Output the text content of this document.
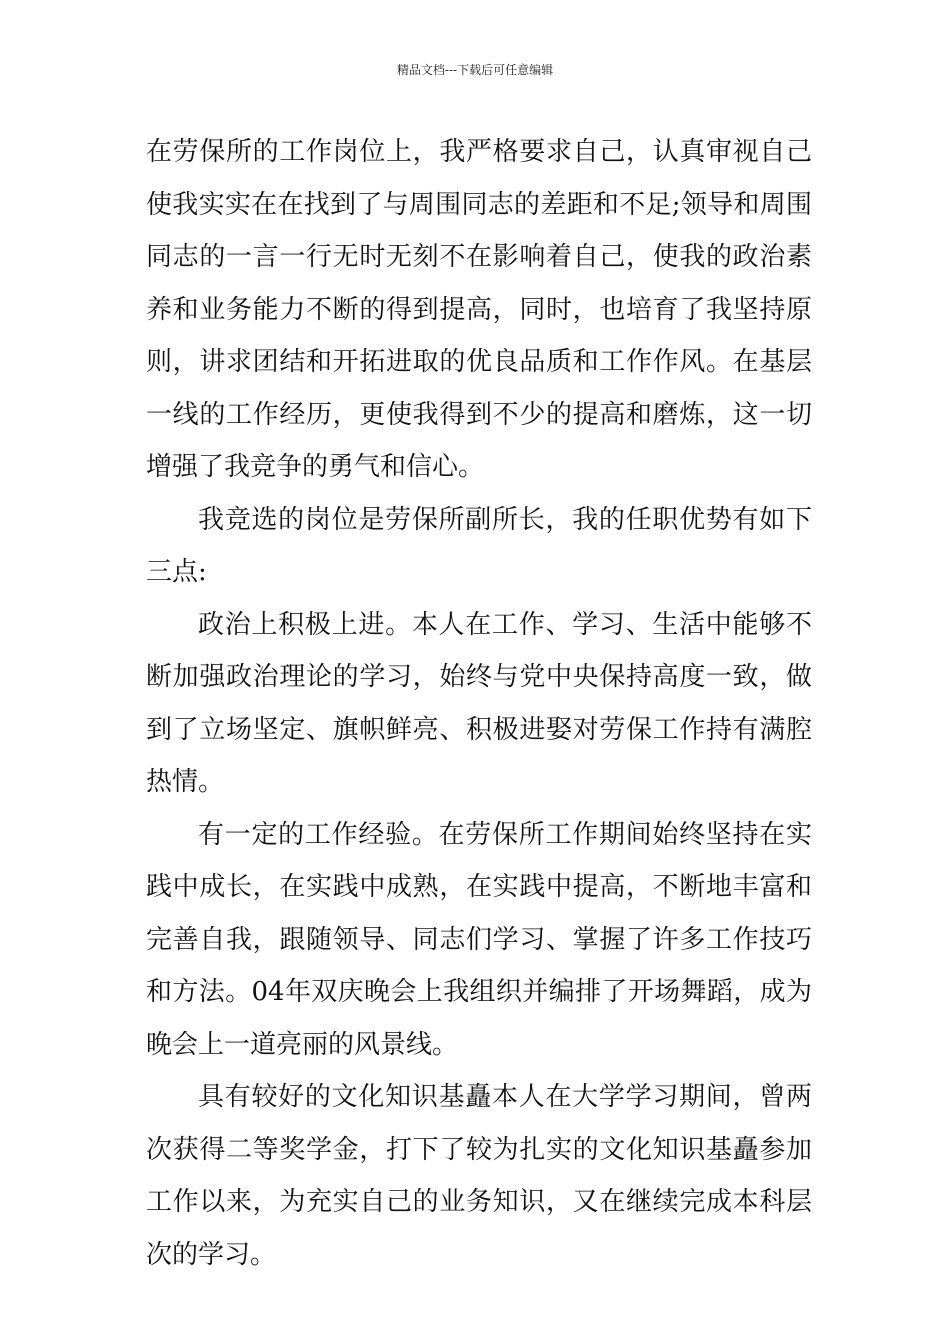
精品文档---下载后可任意编辑
在劳保所的工作岗位上，我严格要求自己，认真审视自己
使我实实在在找到了与周围同志的差距和不足;领导和周围
同志的一言一行无时无刻不在影响着自己，使我的政治素
养和业务能力不断的得到提高，同时，也培育了我坚持原
则，讲求团结和开拓进取的优良品质和工作作风。在基层
一线的工作经历，更使我得到不少的提高和磨炼，这一切
增强了我竞争的勇气和信心。
我竞选的岗位是劳保所副所长，我的任职优势有如下
三点:
政治上积极上进。本人在工作、学习、生活中能够不
断加强政治理论的学习，始终与党中央保持高度一致，做
到了立场坚定、旗帜鲜亮、积极进娶对劳保工作持有满腔
热情。
有一定的工作经验。在劳保所工作期间始终坚持在实
践中成长，在实践中成熟，在实践中提高，不断地丰富和
完善自我，跟随领导、同志们学习、掌握了许多工作技巧
和方法。04年双庆晚会上我组织并编排了开场舞蹈，成为
晚会上一道亮丽的风景线。
具有较好的文化知识基矗本人在大学学习期间，曾两
次获得二等奖学金，打下了较为扎实的文化知识基矗参加
工作以来，为充实自己的业务知识，又在继续完成本科层
次的学习。
